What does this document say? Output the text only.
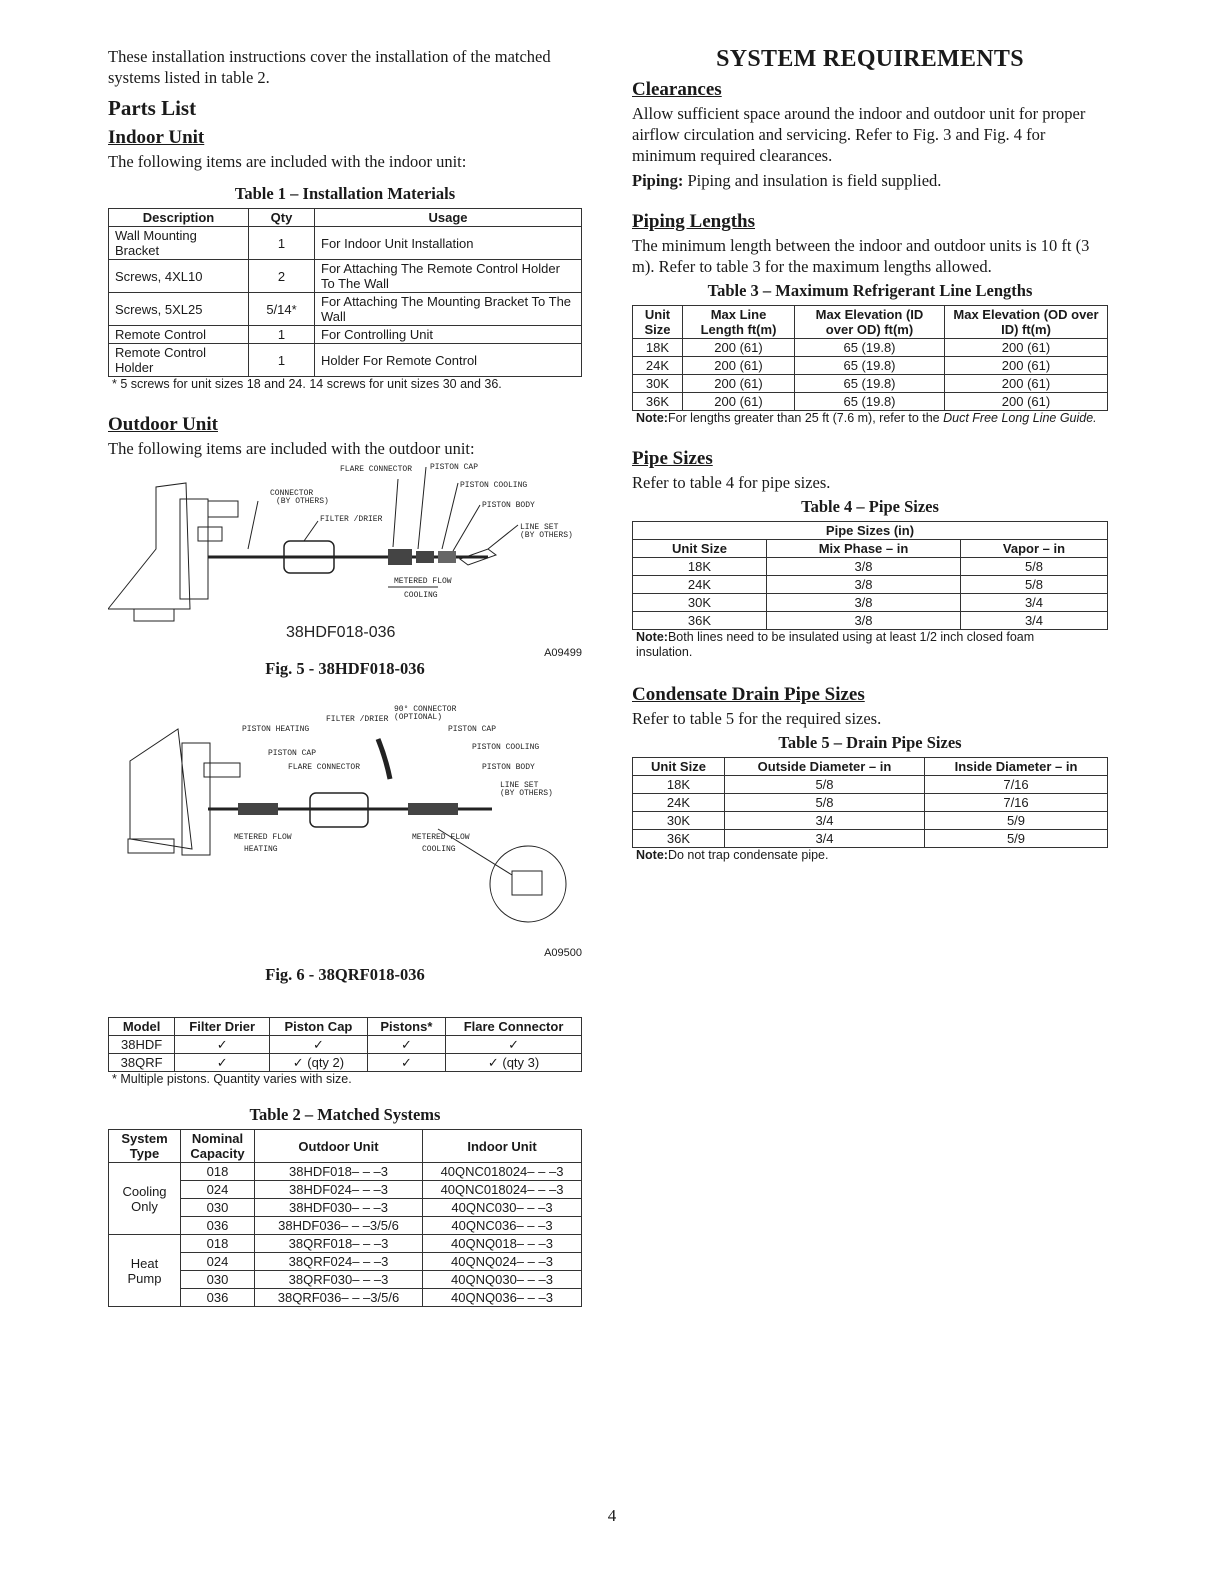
These installation instructions cover the installation of the matched systems listed in table 2.

Parts List
Indoor Unit

The following items are included with the indoor unit:

Table 1 – Installation Materials
Description	Qty	Usage
Wall Mounting Bracket	1	For Indoor Unit Installation
Screws, 4XL10	2	For Attaching The Remote Control Holder To The Wall
Screws, 5XL25	5/14*	For Attaching The Mounting Bracket To The Wall
Remote Control	1	For Controlling Unit
Remote Control Holder	1	Holder For Remote Control
* 5 screws for unit sizes 18 and 24. 14 screws for unit sizes 30 and 36.
Outdoor Unit

The following items are included with the outdoor unit:

FLARE CONNECTOR PISTON CAP
CONNECTOR
(BY OTHERS)
PISTON COOLING
PISTON BODY
FILTER /DRIER
LINE SET
(BY OTHERS)
METERED FLOW
COOLING
38HDF018-036
A09499
Fig. 5 - 38HDF018-036
FILTER /DRIER
90° CONNECTOR
(OPTIONAL)
PISTON HEATING	PISTON CAP
PISTON CAP
FLARE CONNECTOR
PISTON COOLING
PISTON BODY
LINE SET
(BY OTHERS)
METERED FLOW
HEATING
METERED FLOW
COOLING
A09500
Fig. 6 - 38QRF018-036
Model	Filter Drier	Piston Cap	Pistons*	Flare Connector
38HDF	✓	✓	✓	✓
38QRF	✓	✓ (qty 2)	✓	✓ (qty 3)
* Multiple pistons. Quantity varies with size.
Table 2 – Matched Systems
System Type	Nominal Capacity	Outdoor Unit	Indoor Unit
Cooling Only	018	38HDF018– – –3	40QNC018024– – –3
	024	38HDF024– – –3	40QNC018024– – –3
	030	38HDF030– – –3	40QNC030– – –3
	036	38HDF036– – –3/5/6	40QNC036– – –3
Heat Pump	018	38QRF018– – –3	40QNQ018– – –3
	024	38QRF024– – –3	40QNQ024– – –3
	030	38QRF030– – –3	40QNQ030– – –3
	036	38QRF036– – –3/5/6	40QNQ036– – –3
SYSTEM REQUIREMENTS
Clearances

Allow sufficient space around the indoor and outdoor unit for proper airflow circulation and servicing. Refer to Fig. 3 and Fig. 4 for minimum required clearances.

Piping: Piping and insulation is field supplied.

Piping Lengths

The minimum length between the indoor and outdoor units is 10 ft (3 m). Refer to table 3 for the maximum lengths allowed.

Table 3 – Maximum Refrigerant Line Lengths
Unit Size	Max Line Length ft(m)	Max Elevation (ID over OD) ft(m)	Max Elevation (OD over ID) ft(m)
18K	200 (61)	65 (19.8)	200 (61)
24K	200 (61)	65 (19.8)	200 (61)
30K	200 (61)	65 (19.8)	200 (61)
36K	200 (61)	65 (19.8)	200 (61)
Note:For lengths greater than 25 ft (7.6 m), refer to the Duct Free Long Line Guide.
Pipe Sizes

Refer to table 4 for pipe sizes.

Table 4 – Pipe Sizes
Pipe Sizes (in)		
Unit Size	Mix Phase – in	Vapor – in
18K	3/8	5/8
24K	3/8	5/8
30K	3/8	3/4
36K	3/8	3/4
Note:Both lines need to be insulated using at least 1/2 inch closed foam insulation.
Condensate Drain Pipe Sizes

Refer to table 5 for the required sizes.

Table 5 – Drain Pipe Sizes
Unit Size	Outside Diameter – in	Inside Diameter – in
18K	5/8	7/16
24K	5/8	7/16
30K	3/4	5/9
36K	3/4	5/9
Note:Do not trap condensate pipe.
4
